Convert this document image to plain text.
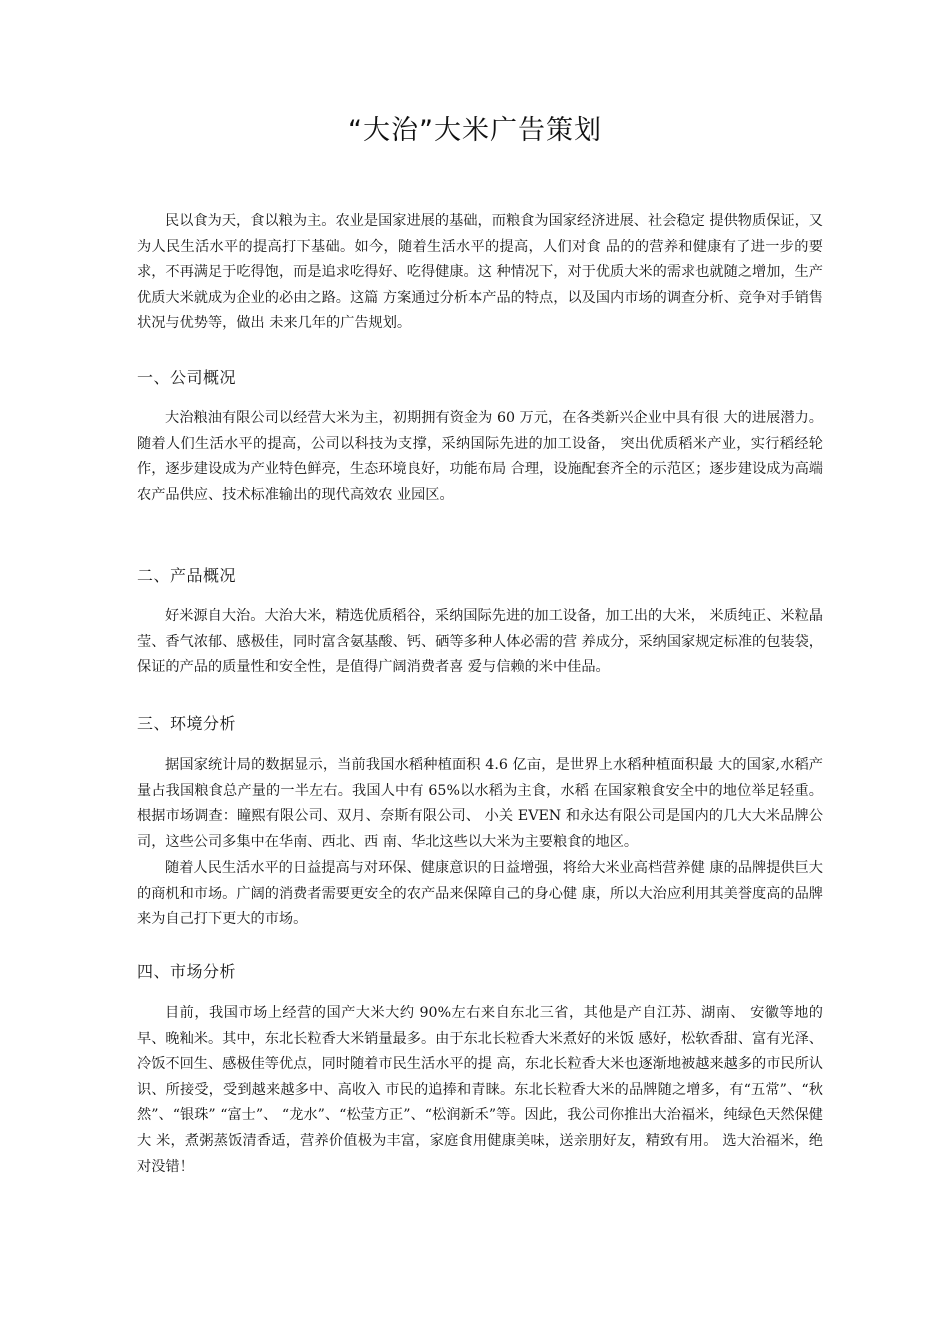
“大治”大米广告策划

民以食为天，食以粮为主。农业是国家进展的基础，而粮食为国家经济进展、社会稳定 提供物质保证，又为人民生活水平的提高打下基础。如今，随着生活水平的提高，人们对食 品的的营养和健康有了进一步的要求，不再满足于吃得饱，而是追求吃得好、吃得健康。这 种情况下，对于优质大米的需求也就随之增加，生产优质大米就成为企业的必由之路。这篇 方案通过分析本产品的特点，以及国内市场的调查分析、竞争对手销售状况与优势等，做出 未来几年的广告规划。

一、公司概况

大治粮油有限公司以经营大米为主，初期拥有资金为 60 万元，在各类新兴企业中具有很 大的进展潜力。随着人们生活水平的提高，公司以科技为支撑，采纳国际先进的加工设备， 突出优质稻米产业，实行稻经轮作，逐步建设成为产业特色鲜亮，生态环境良好，功能布局 合理，设施配套齐全的示范区；逐步建设成为高端农产品供应、技术标准输出的现代高效农 业园区。

二、产品概况

好米源自大治。大治大米，精选优质稻谷，采纳国际先进的加工设备，加工出的大米， 米质纯正、米粒晶莹、香气浓郁、感极佳，同时富含氨基酸、钙、硒等多种人体必需的营 养成分，采纳国家规定标准的包装袋，保证的产品的质量性和安全性，是值得广阔消费者喜 爱与信赖的米中佳品。

三、环境分析

据国家统计局的数据显示，当前我国水稻种植面积 4.6 亿亩，是世界上水稻种植面积最 大的国家,水稻产量占我国粮食总产量的一半左右。我国人中有 65%以水稻为主食，水稻 在国家粮食安全中的地位举足轻重。根据市场调查：瞳熙有限公司、双月、奈斯有限公司、 小关 EVEN 和永达有限公司是国内的几大大米品牌公司，这些公司多集中在华南、西北、西 南、华北这些以大米为主要粮食的地区。

随着人民生活水平的日益提高与对环保、健康意识的日益增强，将给大米业高档营养健 康的品牌提供巨大的商机和市场。广阔的消费者需要更安全的农产品来保障自己的身心健 康，所以大治应利用其美誉度高的品牌来为自己打下更大的市场。

四、市场分析

目前，我国市场上经营的国产大米大约 90%左右来自东北三省，其他是产自江苏、湖南、 安徽等地的早、晚籼米。其中，东北长粒香大米销量最多。由于东北长粒香大米煮好的米饭 感好，松软香甜、富有光泽、冷饭不回生、感极佳等优点，同时随着市民生活水平的提 高，东北长粒香大米也逐渐地被越来越多的市民所认识、所接受，受到越来越多中、高收入 市民的追捧和青睐。东北长粒香大米的品牌随之增多，有“五常”、“秋然”、“银珠” “富士”、 “龙水”、“松莹方正”、“松润新禾”等。因此，我公司你推出大治福米，纯绿色天然保健大 米，煮粥蒸饭清香适，营养价值极为丰富，家庭食用健康美味，送亲朋好友，精致有用。 选大治福米，绝对没错！
